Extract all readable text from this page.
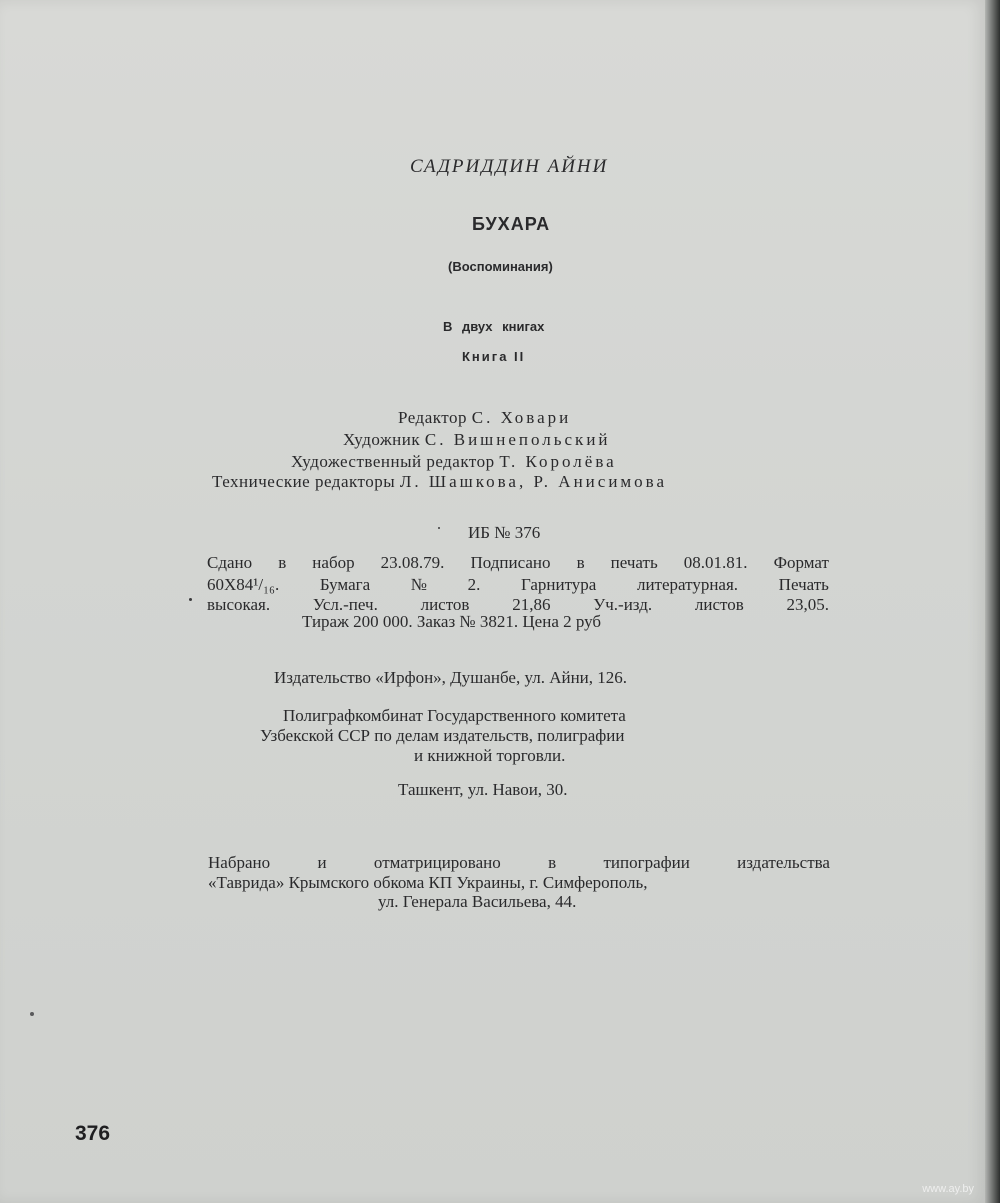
САДРИДДИН АЙНИ
БУХАРА
(Воспоминания)
В двух книгах
Книга II
Редактор С. Ховари
Художник С. Вишнепольский
Художественный редактор Т. Королёва
Технические редакторы Л. Шашкова, Р. Анисимова
ИБ № 376
Сдано в набор 23.08.79. Подписано в печать 08.01.81. Формат
60Х84¹/₁₆. Бумага № 2. Гарнитура литературная. Печать
высокая.	Усл.-печ.	листов	21,86	Уч.-изд.	листов	23,05.
Тираж 200 000. Заказ № 3821. Цена 2 руб
Издательство «Ирфон», Душанбе, ул. Айни, 126.
Полиграфкомбинат Государственного комитета
Узбекской ССР по делам издательств, полиграфии
и книжной торговли.
Ташкент, ул. Навои, 30.
Набрано	и	отматрицировано	в	типографии	издательства
«Таврида» Крымского обкома КП Украины, г. Симферополь,
ул. Генерала Васильева, 44.
376
www.ay.by
